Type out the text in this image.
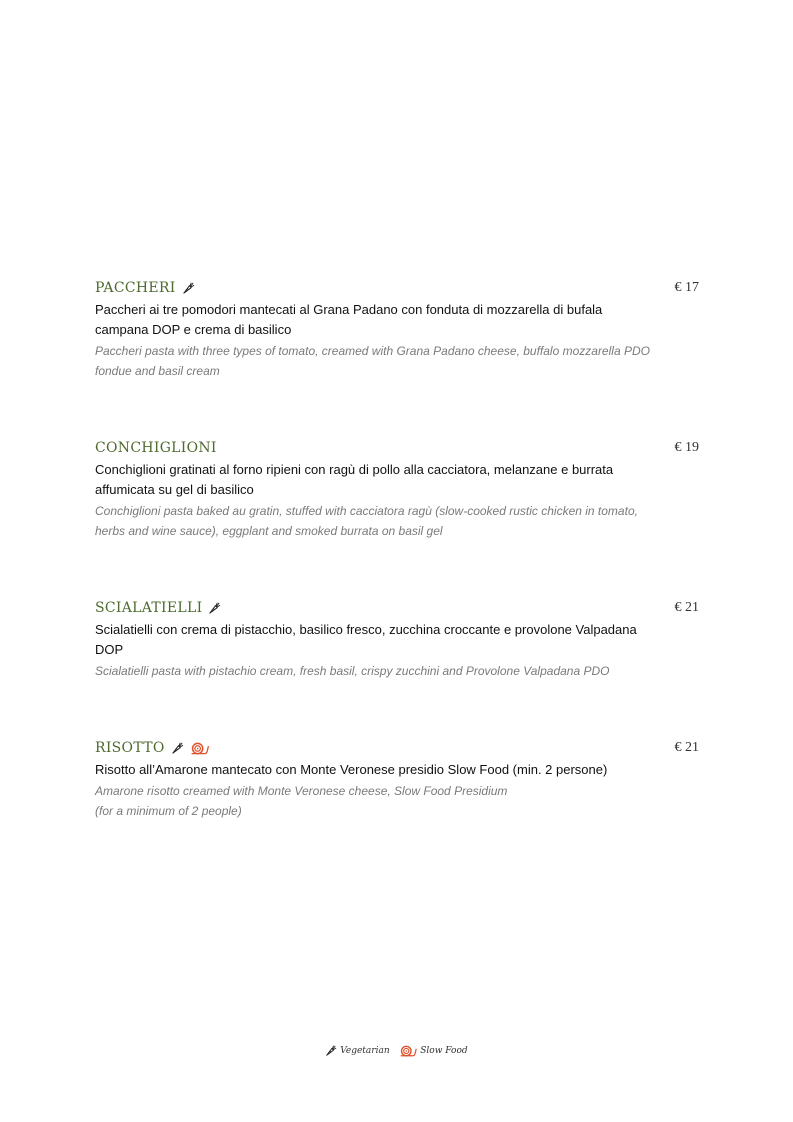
PACCHERI	€ 17
Paccheri ai tre pomodori mantecati al Grana Padano con fonduta di mozzarella di bufala campana DOP e crema di basilico
Paccheri pasta with three types of tomato, creamed with Grana Padano cheese, buffalo mozzarella PDO fondue and basil cream
CONCHIGLIONI	€ 19
Conchiglioni gratinati al forno ripieni con ragù di pollo alla cacciatora, melanzane e burrata affumicata su gel di basilico
Conchiglioni pasta baked au gratin, stuffed with cacciatora ragù (slow-cooked rustic chicken in tomato, herbs and wine sauce), eggplant and smoked burrata on basil gel
SCIALATIELLI	€ 21
Scialatielli con crema di pistacchio, basilico fresco, zucchina croccante e provolone Valpadana DOP
Scialatielli pasta with pistachio cream, fresh basil, crispy zucchini and Provolone Valpadana PDO
RISOTTO	€ 21
Risotto all’Amarone mantecato con Monte Veronese presidio Slow Food (min. 2 persone)
Amarone risotto creamed with Monte Veronese cheese, Slow Food Presidium
(for a minimum of 2 people)
Vegetarian	Slow Food
